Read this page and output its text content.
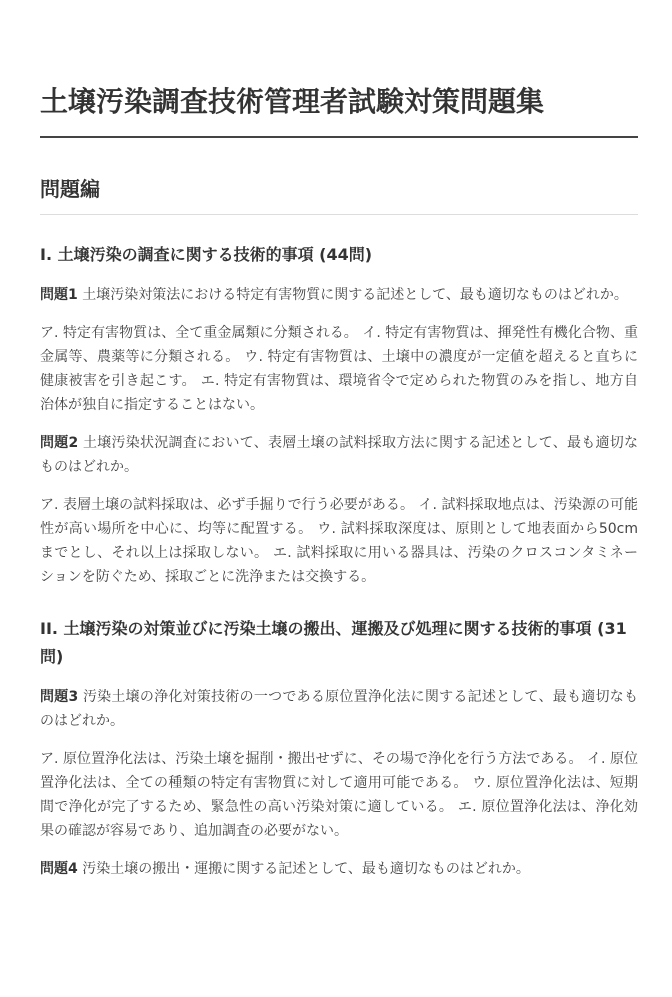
土壌汚染調査技術管理者試験対策問題集
問題編
I. 土壌汚染の調査に関する技術的事項 (44問)

問題1 土壌汚染対策法における特定有害物質に関する記述として、最も適切なものはどれか。

ア. 特定有害物質は、全て重金属類に分類される。 イ. 特定有害物質は、揮発性有機化合物、重金属等、農薬等に分類される。 ウ. 特定有害物質は、土壌中の濃度が一定値を超えると直ちに健康被害を引き起こす。 エ. 特定有害物質は、環境省令で定められた物質のみを指し、地方自治体が独自に指定することはない。

問題2 土壌汚染状況調査において、表層土壌の試料採取方法に関する記述として、最も適切なものはどれか。

ア. 表層土壌の試料採取は、必ず手掘りで行う必要がある。 イ. 試料採取地点は、汚染源の可能性が高い場所を中心に、均等に配置する。 ウ. 試料採取深度は、原則として地表面から50cmまでとし、それ以上は採取しない。 エ. 試料採取に用いる器具は、汚染のクロスコンタミネーションを防ぐため、採取ごとに洗浄または交換する。

II. 土壌汚染の対策並びに汚染土壌の搬出、運搬及び処理に関する技術的事項 (31問)

問題3 汚染土壌の浄化対策技術の一つである原位置浄化法に関する記述として、最も適切なものはどれか。

ア. 原位置浄化法は、汚染土壌を掘削・搬出せずに、その場で浄化を行う方法である。 イ. 原位置浄化法は、全ての種類の特定有害物質に対して適用可能である。 ウ. 原位置浄化法は、短期間で浄化が完了するため、緊急性の高い汚染対策に適している。 エ. 原位置浄化法は、浄化効果の確認が容易であり、追加調査の必要がない。

問題4 汚染土壌の搬出・運搬に関する記述として、最も適切なものはどれか。
